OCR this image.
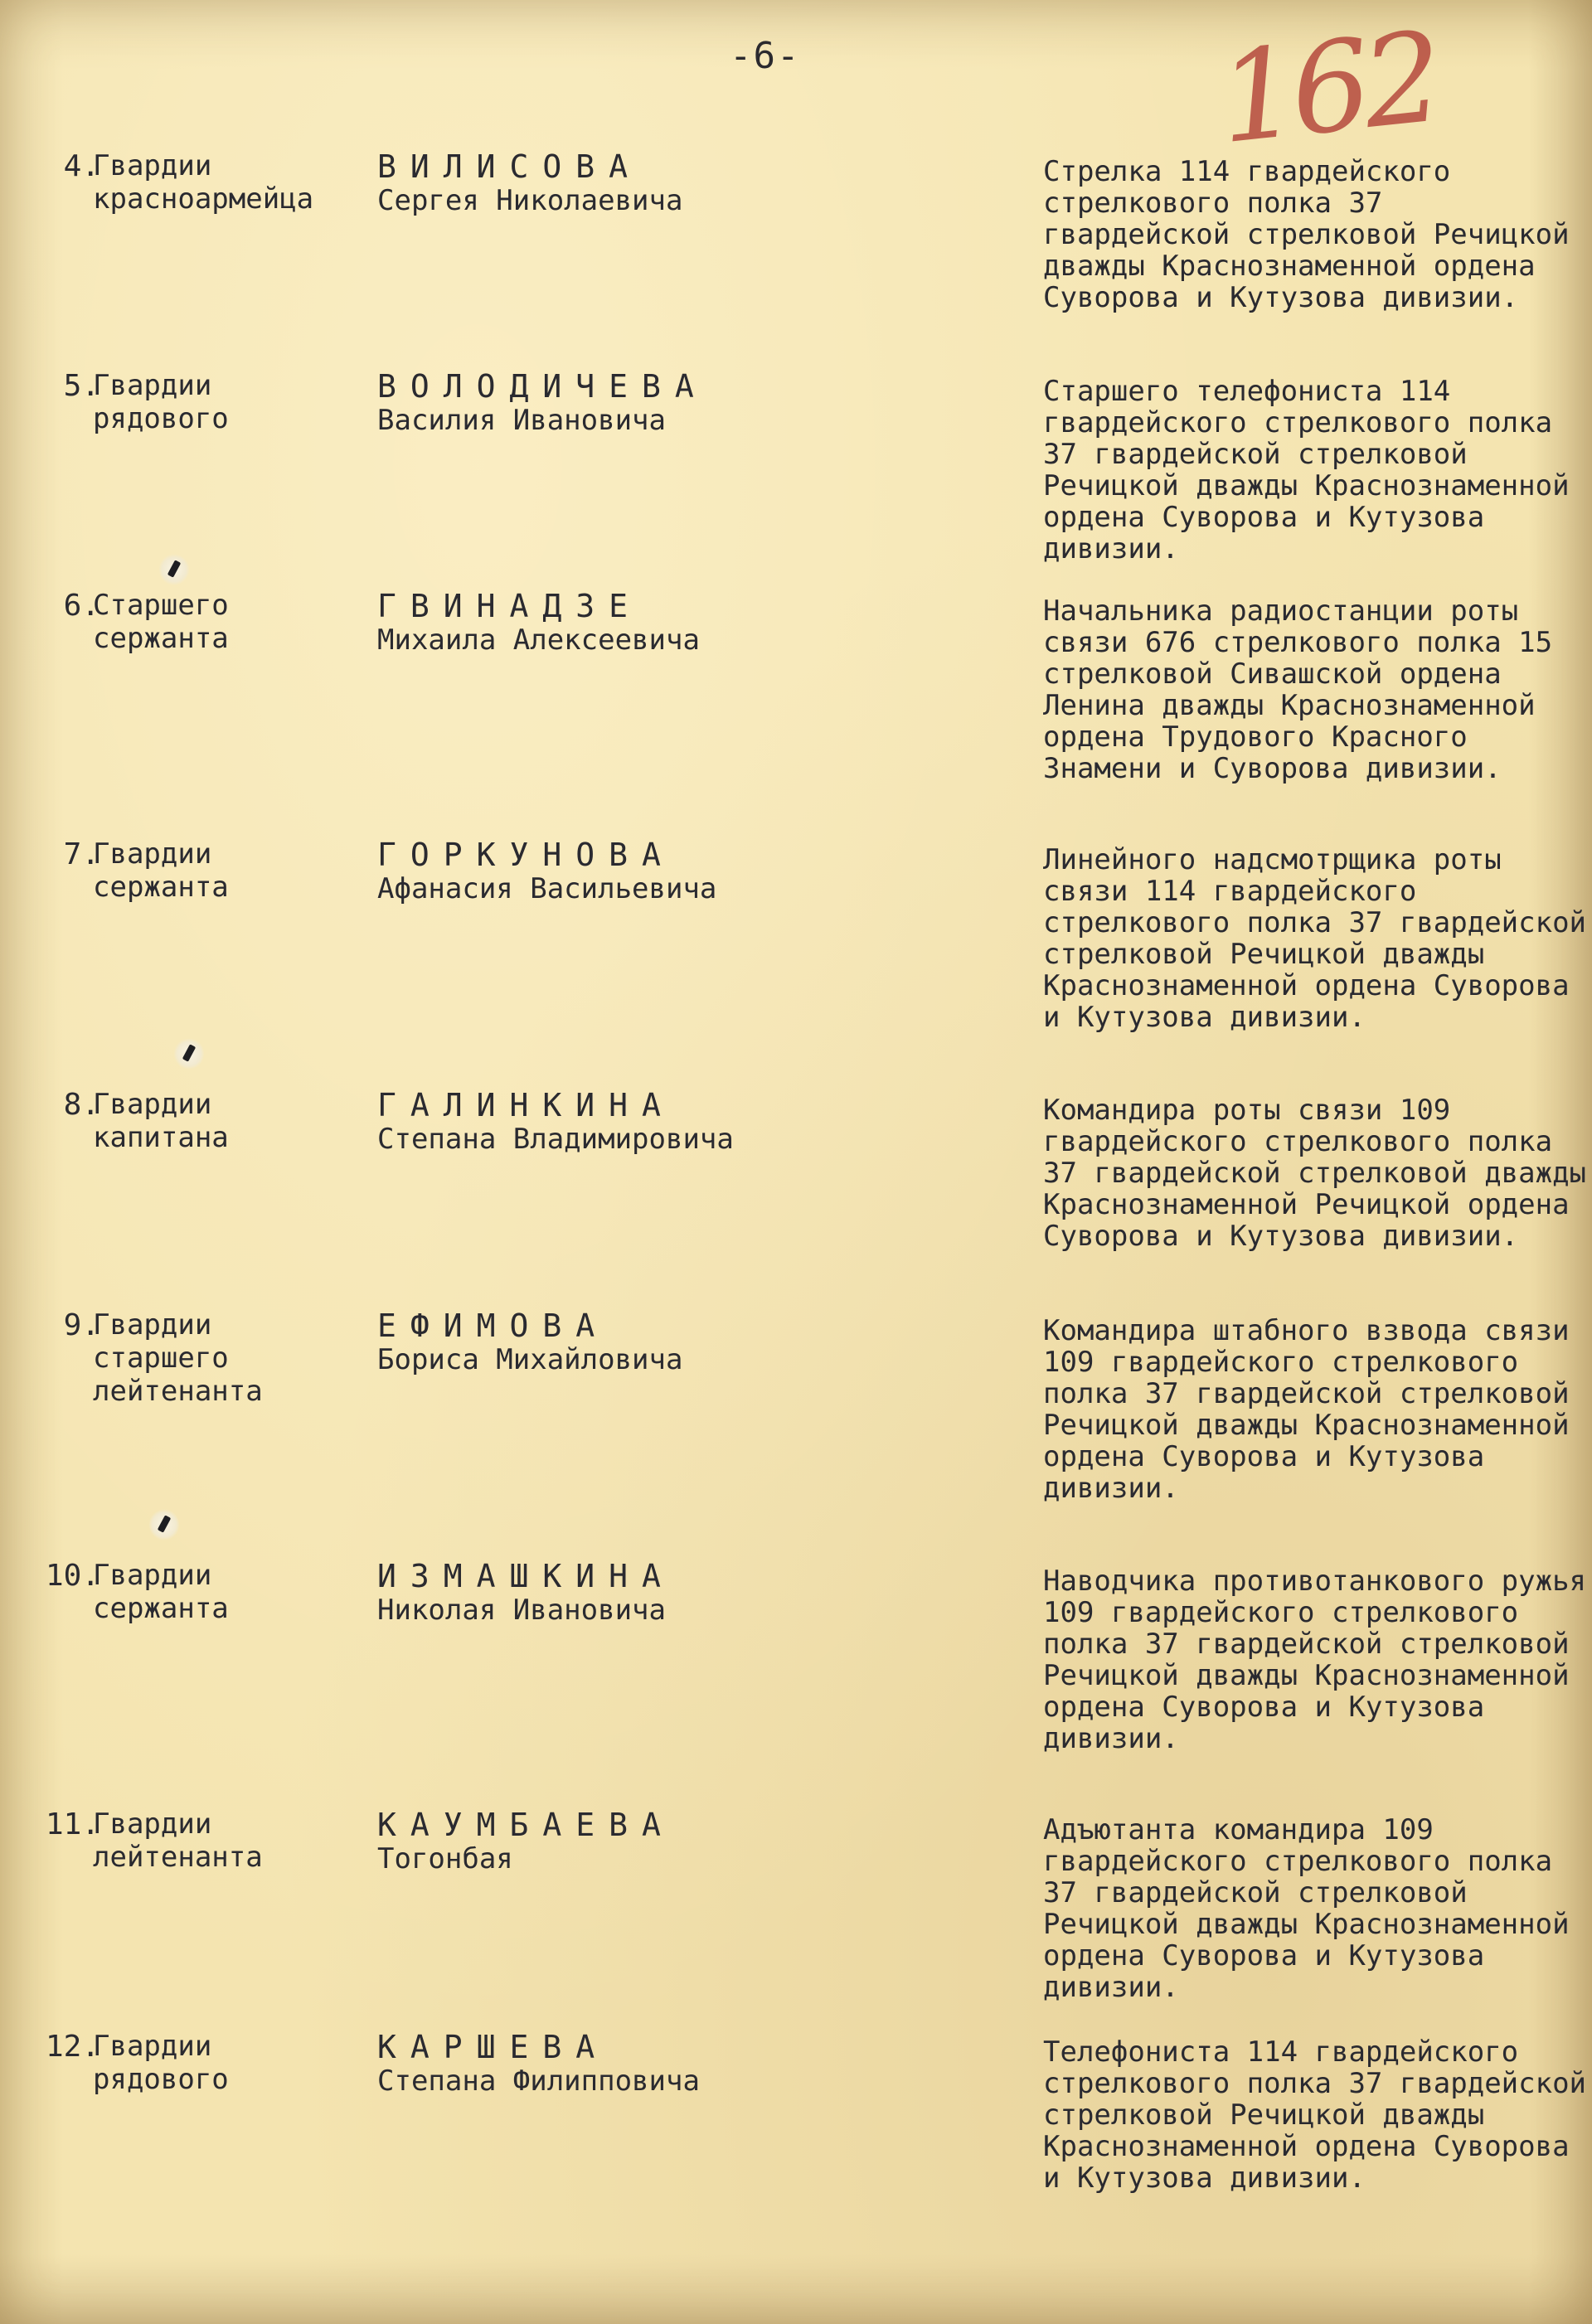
-6-	162
4.
Гвардии красноармейца
ВИЛИСОВА
Сергея Николаевича
Стрелка 114 гвардейского стрелкового полка 37 гвардейской стрелковой Речицкой дважды Краснознаменной ордена Суворова и Кутузова дивизии.
5.
Гвардии рядового
ВОЛОДИЧЕВА
Василия Ивановича
Старшего телефониста 114 гвардейского стрелкового полка 37 гвардейской стрелковой Речицкой дважды Краснознаменной ордена Суворова и Кутузова дивизии.
6.
Старшего сержанта
ГВИНАДЗЕ
Михаила Алексеевича
Начальника радиостанции роты связи 676 стрелкового полка 15 стрелковой Сивашской ордена Ленина дважды Краснознаменной ордена Трудового Красного Знамени и Суворова дивизии.
7.
Гвардии сержанта
ГОРКУНОВА
Афанасия Васильевича
Линейного надсмотрщика роты связи 114 гвардейского стрелкового полка 37 гвардейской стрелковой Речицкой дважды Краснознаменной ордена Суворова и Кутузова дивизии.
8.
Гвардии капитана
ГАЛИНКИНА
Степана Владимировича
Командира роты связи 109 гвардейского стрелкового полка 37 гвардейской стрелковой дважды Краснознаменной Речицкой ордена Суворова и Кутузова дивизии.
9.
Гвардии старшего лейтенанта
ЕФИМОВА
Бориса Михайловича
Командира штабного взвода связи 109 гвардейского стрелкового полка 37 гвардейской стрелковой Речицкой дважды Краснознаменной ордена Суворова и Кутузова дивизии.
10.
Гвардии сержанта
ИЗМАШКИНА
Николая Ивановича
Наводчика противотанкового ружья 109 гвардейского стрелкового полка 37 гвардейской стрелковой Речицкой дважды Краснознаменной ордена Суворова и Кутузова дивизии.
11.
Гвардии лейтенанта
КАУМБАЕВА
Тогонбая
Адъютанта командира 109 гвардейского стрелкового полка 37 гвардейской стрелковой Речицкой дважды Краснознаменной ордена Суворова и Кутузова дивизии.
12.
Гвардии рядового
КАРШЕВА
Степана Филипповича
Телефониста 114 гвардейского стрелкового полка 37 гвардейской стрелковой Речицкой дважды Краснознаменной ордена Суворова и Кутузова дивизии.
